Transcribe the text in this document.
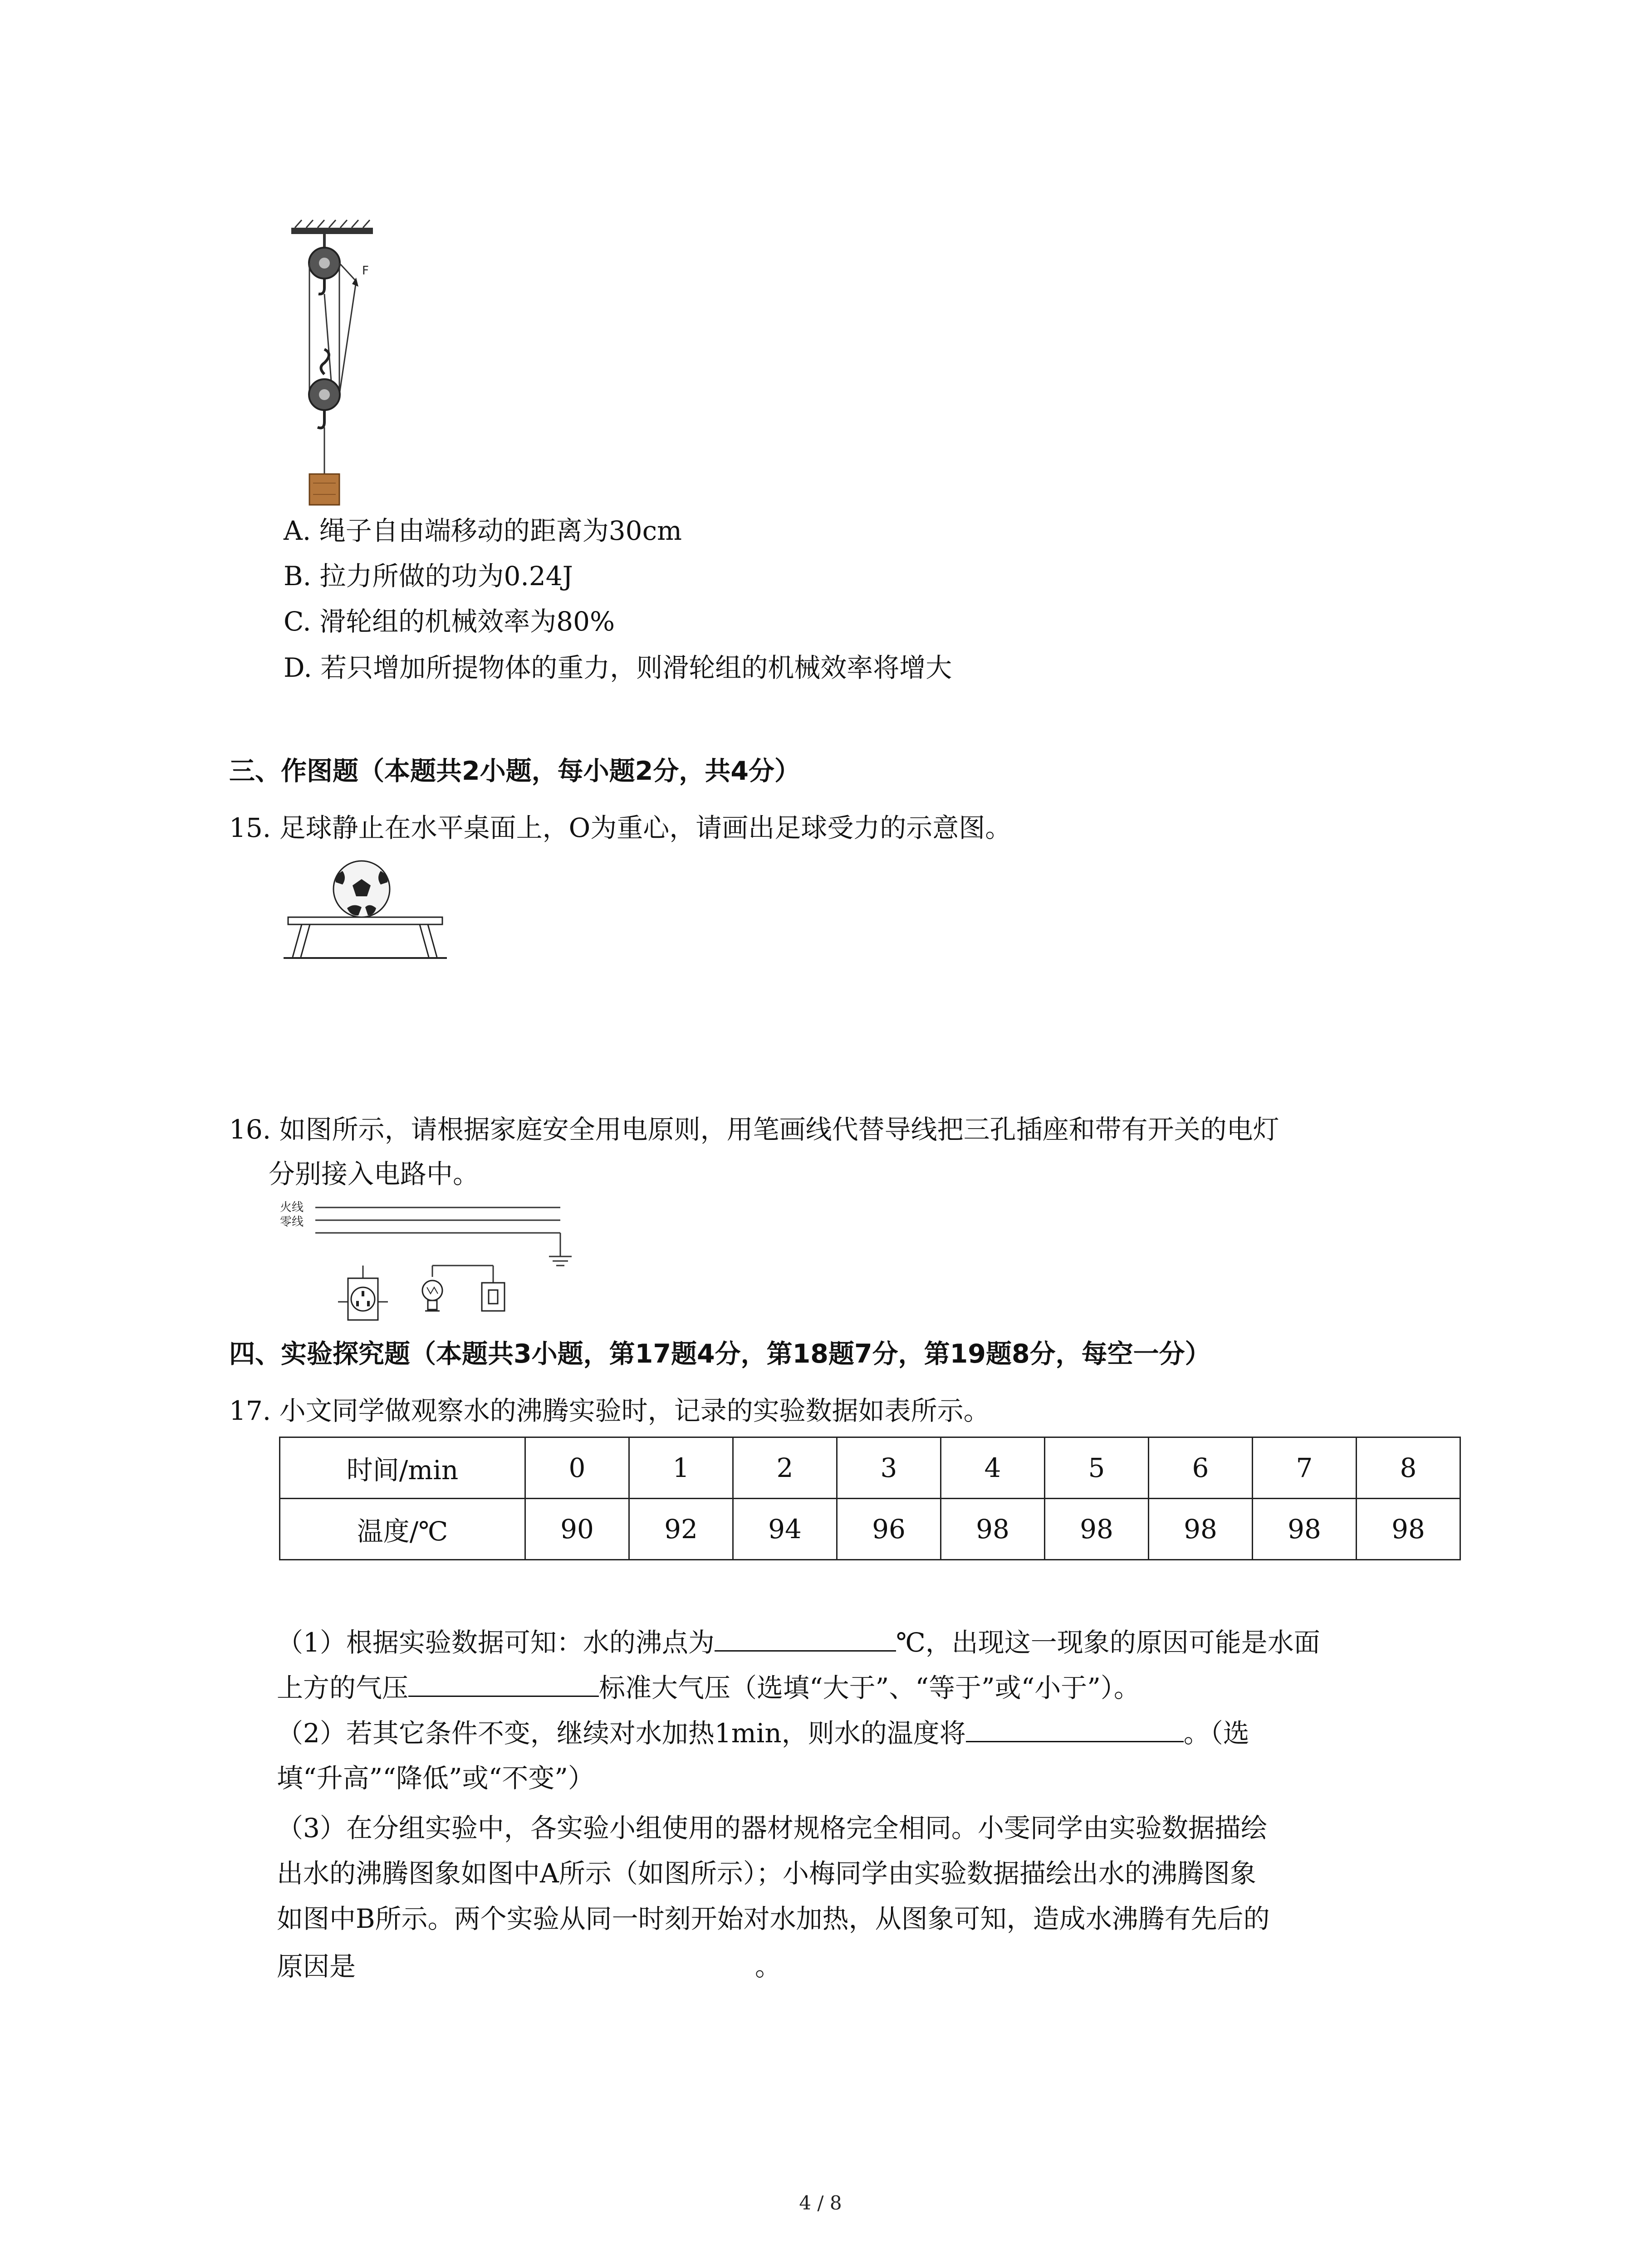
F
A. 绳子自由端移动的距离为30cm
B. 拉力所做的功为0.24J
C. 滑轮组的机械效率为80%
D. 若只增加所提物体的重力，则滑轮组的机械效率将增大
三、作图题（本题共2小题，每小题2分，共4分）
15. 足球静止在水平桌面上，O为重心，请画出足球受力的示意图。
16. 如图所示，请根据家庭安全用电原则，用笔画线代替导线把三孔插座和带有开关的电灯
分别接入电路中。
火线
零线
四、实验探究题（本题共3小题，第17题4分，第18题7分，第19题8分，每空一分）
17. 小文同学做观察水的沸腾实验时，记录的实验数据如表所示。
时间/min	0	1	2	3	4	5	6	7	8
温度/℃	90	92	94	96	98	98	98	98	98
（1）根据实验数据可知：水的沸点为	℃，出现这一现象的原因可能是水面
上方的气压	标准大气压（选填“大于”、“等于”或“小于”）。
（2）若其它条件不变，继续对水加热1min，则水的温度将	。（选
填“升高”“降低”或“不变”）
（3）在分组实验中，各实验小组使用的器材规格完全相同。小雯同学由实验数据描绘
出水的沸腾图象如图中A所示（如图所示）；小梅同学由实验数据描绘出水的沸腾图象
如图中B所示。两个实验从同一时刻开始对水加热，从图象可知，造成水沸腾有先后的
原因是	。
4 / 8
